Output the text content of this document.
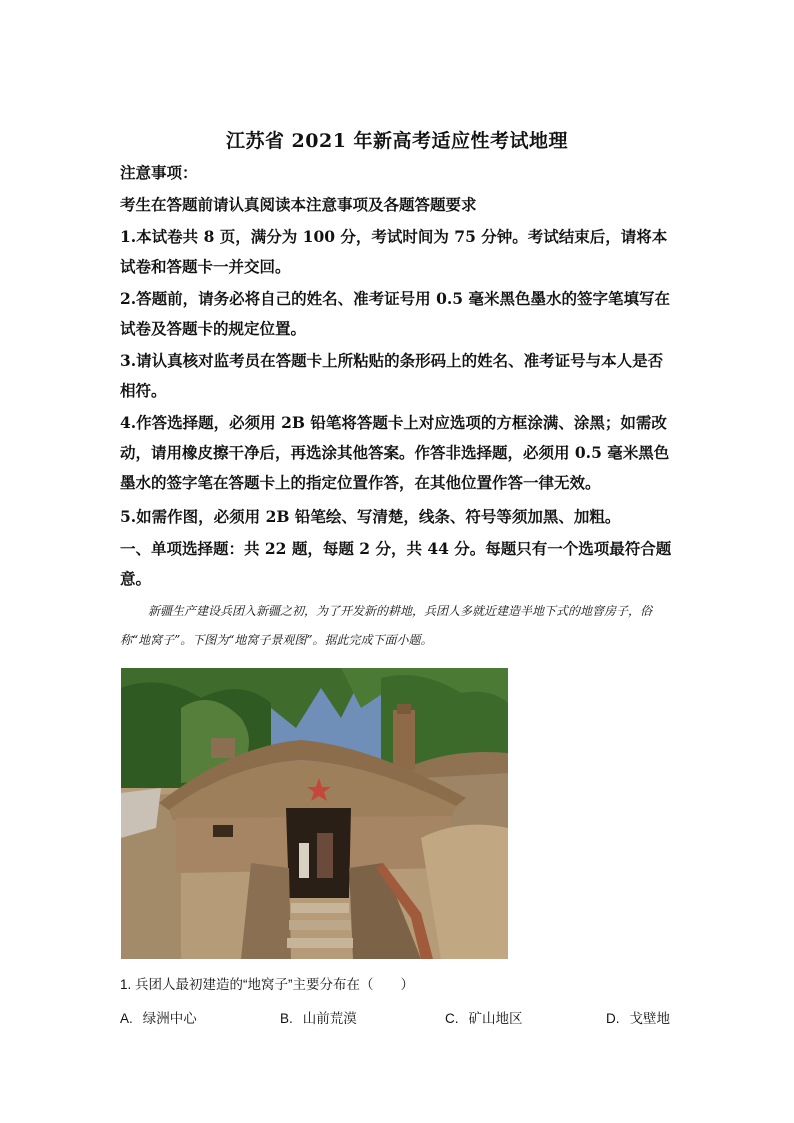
江苏省 2021 年新高考适应性考试地理
注意事项：
考生在答题前请认真阅读本注意事项及各题答题要求
1.本试卷共 8 页，满分为 100 分，考试时间为 75 分钟。考试结束后，请将本试卷和答题卡一并交回。
2.答题前，请务必将自己的姓名、准考证号用 0.5 毫米黑色墨水的签字笔填写在试卷及答题卡的规定位置。
3.请认真核对监考员在答题卡上所粘贴的条形码上的姓名、准考证号与本人是否相符。
4.作答选择题，必须用 2B 铅笔将答题卡上对应选项的方框涂满、涂黑；如需改动，请用橡皮擦干净后，再选涂其他答案。作答非选择题，必须用 0.5 毫米黑色墨水的签字笔在答题卡上的指定位置作答，在其他位置作答一律无效。
5.如需作图，必须用 2B 铅笔绘、写清楚，线条、符号等须加黑、加粗。
一、单项选择题：共 22 题，每题 2 分，共 44 分。每题只有一个选项最符合题意。
新疆生产建设兵团入新疆之初，为了开发新的耕地，兵团人多就近建造半地下式的地窨房子，俗称“地窝子”。下图为“地窝子景观图”。据此完成下面小题。
1. 兵团人最初建造的“地窝子”主要分布在（　　）
A. 绿洲中心	B. 山前荒漠	C. 矿山地区	D. 戈壁地
